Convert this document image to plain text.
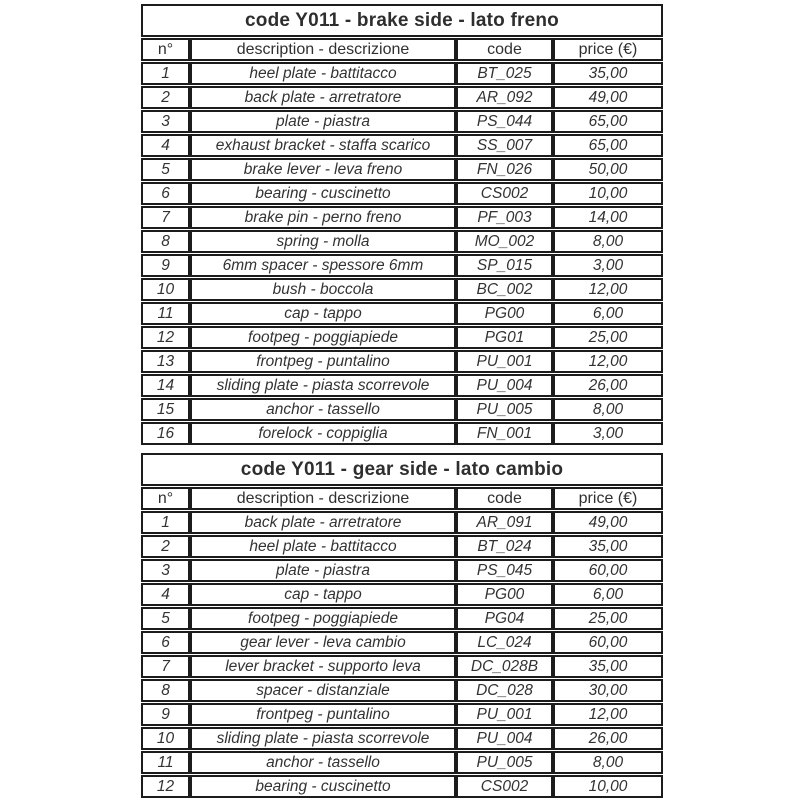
code Y011 - brake side - lato freno
n°	description - descrizione	code	price (€)
1	heel plate - battitacco	BT_025	35,00
2	back plate - arretratore	AR_092	49,00
3	plate - piastra	PS_044	65,00
4	exhaust bracket - staffa scarico	SS_007	65,00
5	brake lever - leva freno	FN_026	50,00
6	bearing - cuscinetto	CS002	10,00
7	brake pin - perno freno	PF_003	14,00
8	spring - molla	MO_002	8,00
9	6mm spacer - spessore 6mm	SP_015	3,00
10	bush - boccola	BC_002	12,00
11	cap - tappo	PG00	6,00
12	footpeg - poggiapiede	PG01	25,00
13	frontpeg - puntalino	PU_001	12,00
14	sliding plate - piasta scorrevole	PU_004	26,00
15	anchor - tassello	PU_005	8,00
16	forelock - coppiglia	FN_001	3,00
code Y011 - gear side - lato cambio
n°	description - descrizione	code	price (€)
1	back plate - arretratore	AR_091	49,00
2	heel plate - battitacco	BT_024	35,00
3	plate - piastra	PS_045	60,00
4	cap - tappo	PG00	6,00
5	footpeg - poggiapiede	PG04	25,00
6	gear lever - leva cambio	LC_024	60,00
7	lever bracket - supporto leva	DC_028B	35,00
8	spacer - distanziale	DC_028	30,00
9	frontpeg - puntalino	PU_001	12,00
10	sliding plate - piasta scorrevole	PU_004	26,00
11	anchor - tassello	PU_005	8,00
12	bearing - cuscinetto	CS002	10,00
